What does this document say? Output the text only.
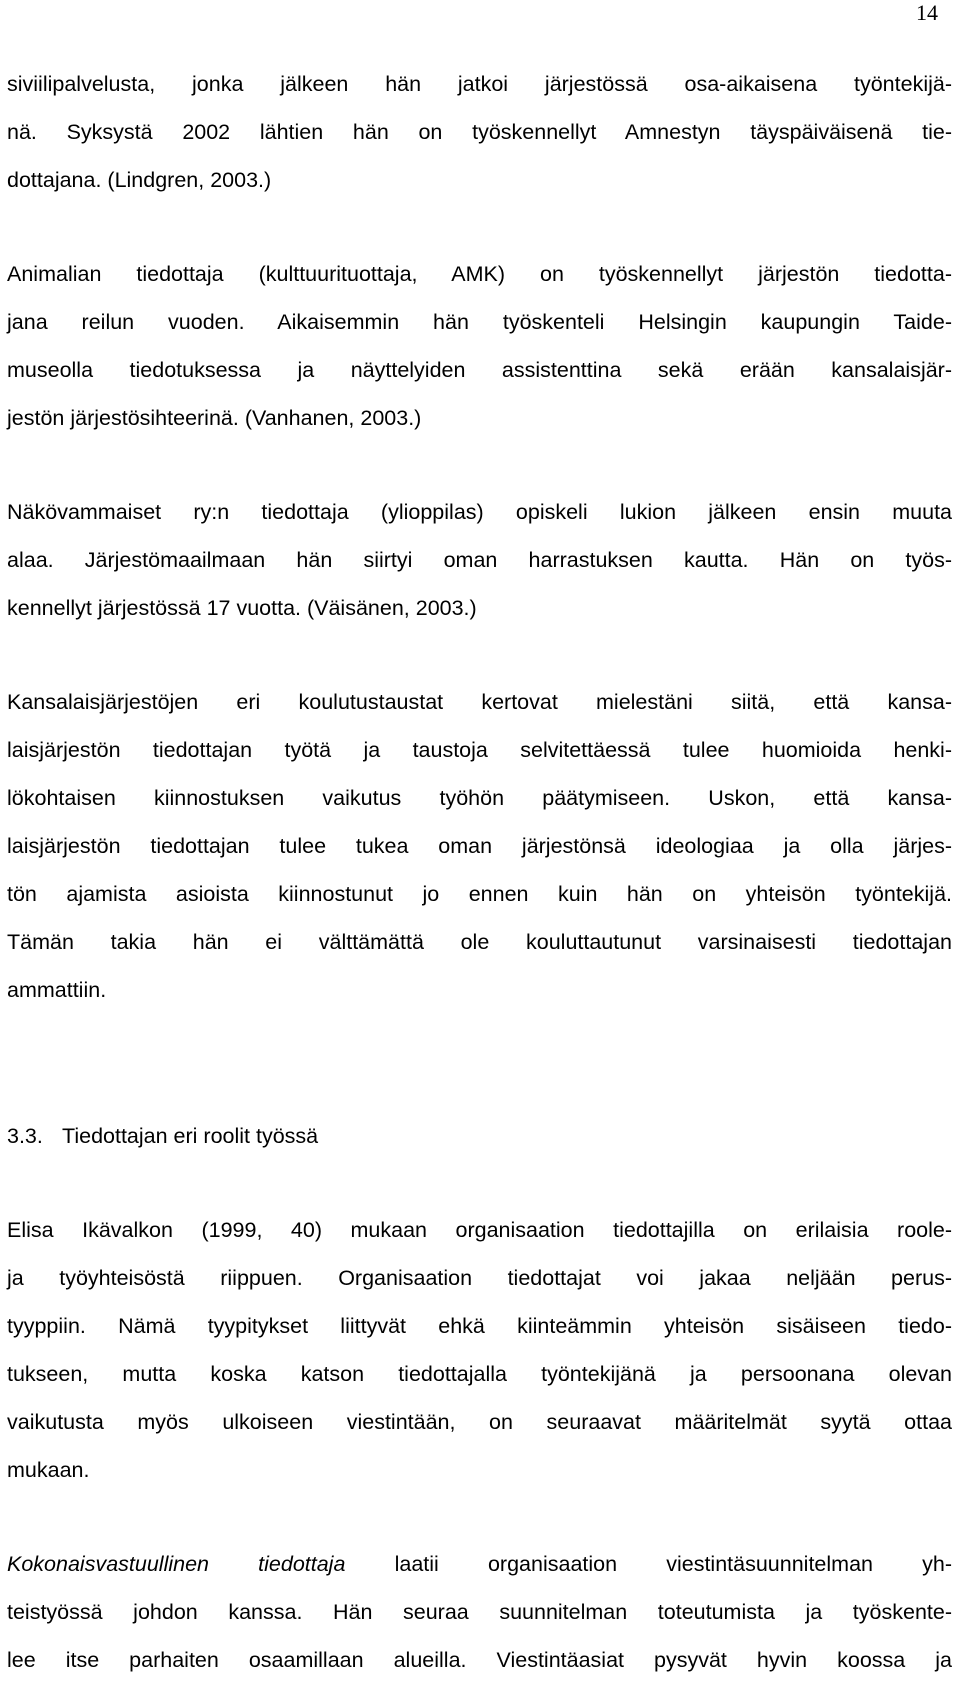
14
siviilipalvelusta, jonka jälkeen hän jatkoi järjestössä osa-aikaisena työntekijä-
nä. Syksystä 2002 lähtien hän on työskennellyt Amnestyn täyspäiväisenä tie-
dottajana. (Lindgren, 2003.)
Animalian tiedottaja (kulttuurituottaja, AMK) on työskennellyt järjestön tiedotta-
jana reilun vuoden. Aikaisemmin hän työskenteli Helsingin kaupungin Taide-
museolla tiedotuksessa ja näyttelyiden assistenttina sekä erään kansalaisjär-
jestön järjestösihteerinä. (Vanhanen, 2003.)
Näkövammaiset ry:n tiedottaja (ylioppilas) opiskeli lukion jälkeen ensin muuta
alaa. Järjestömaailmaan hän siirtyi oman harrastuksen kautta. Hän on työs-
kennellyt järjestössä 17 vuotta. (Väisänen, 2003.)
Kansalaisjärjestöjen eri koulutustaustat kertovat mielestäni siitä, että kansa-
laisjärjestön tiedottajan työtä ja taustoja selvitettäessä tulee huomioida henki-
lökohtaisen kiinnostuksen vaikutus työhön päätymiseen. Uskon, että kansa-
laisjärjestön tiedottajan tulee tukea oman järjestönsä ideologiaa ja olla järjes-
tön ajamista asioista kiinnostunut jo ennen kuin hän on yhteisön työntekijä.
Tämän takia hän ei välttämättä ole kouluttautunut varsinaisesti tiedottajan
ammattiin.
3.3. Tiedottajan eri roolit työssä
Elisa Ikävalkon (1999, 40) mukaan organisaation tiedottajilla on erilaisia roole-
ja työyhteisöstä riippuen. Organisaation tiedottajat voi jakaa neljään perus-
tyyppiin. Nämä tyypitykset liittyvät ehkä kiinteämmin yhteisön sisäiseen tiedo-
tukseen, mutta koska katson tiedottajalla työntekijänä ja persoonana olevan
vaikutusta myös ulkoiseen viestintään, on seuraavat määritelmät syytä ottaa
mukaan.
Kokonaisvastuullinen tiedottaja laatii organisaation viestintäsuunnitelman yh-
teistyössä johdon kanssa. Hän seuraa suunnitelman toteutumista ja työskente-
lee itse parhaiten osaamillaan alueilla. Viestintäasiat pysyvät hyvin koossa ja
